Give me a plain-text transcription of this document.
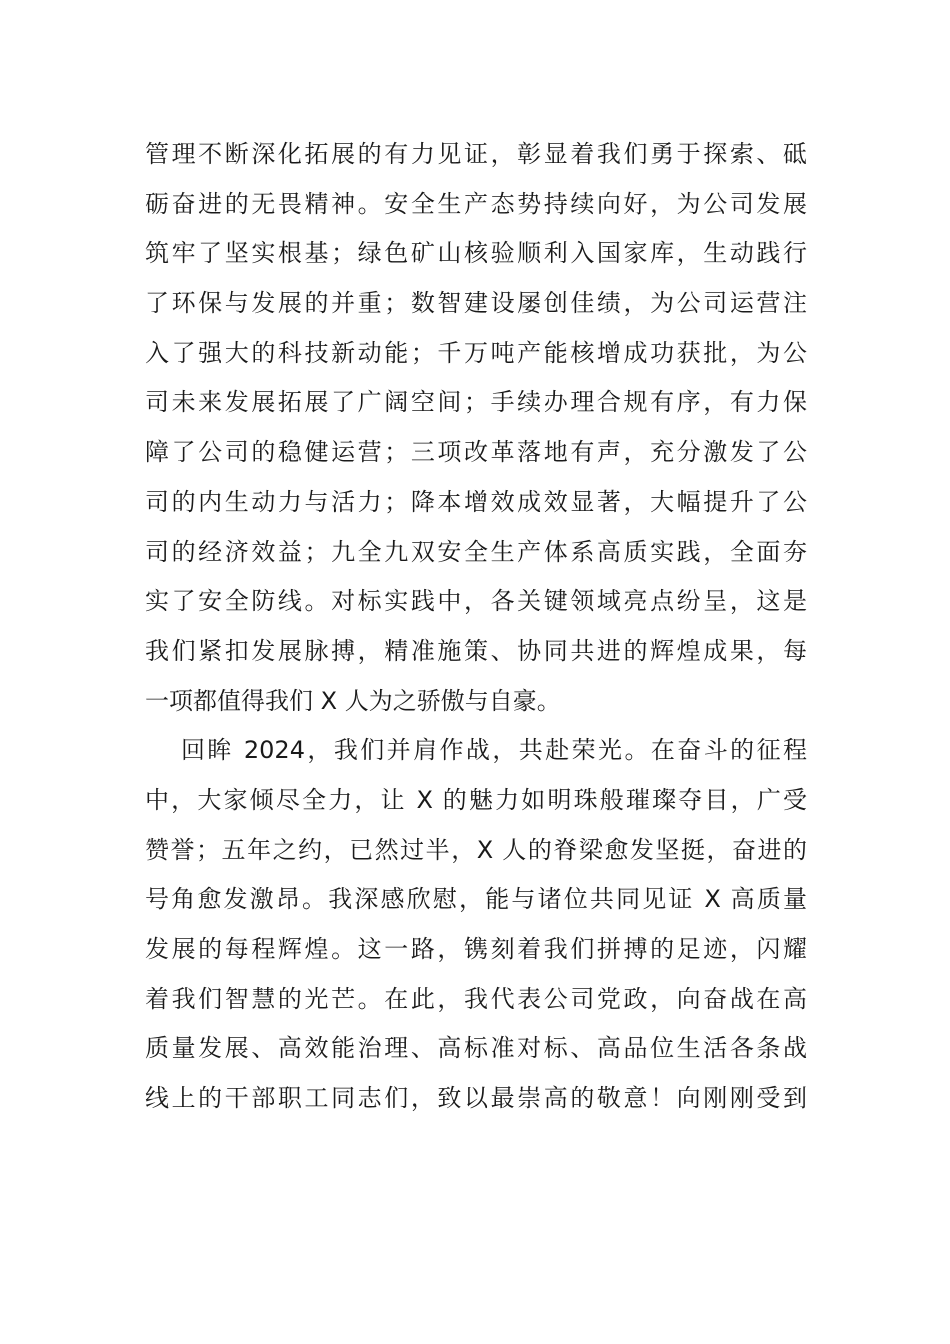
管理不断深化拓展的有力见证，彰显着我们勇于探索、砥
砺奋进的无畏精神。安全生产态势持续向好，为公司发展
筑牢了坚实根基；绿色矿山核验顺利入国家库，生动践行
了环保与发展的并重；数智建设屡创佳绩，为公司运营注
入了强大的科技新动能；千万吨产能核增成功获批，为公
司未来发展拓展了广阔空间；手续办理合规有序，有力保
障了公司的稳健运营；三项改革落地有声，充分激发了公
司的内生动力与活力；降本增效成效显著，大幅提升了公
司的经济效益；九全九双安全生产体系高质实践，全面夯
实了安全防线。对标实践中，各关键领域亮点纷呈，这是
我们紧扣发展脉搏，精准施策、协同共进的辉煌成果，每
一项都值得我们 X 人为之骄傲与自豪。
回眸 2024，我们并肩作战，共赴荣光。在奋斗的征程
中，大家倾尽全力，让 X 的魅力如明珠般璀璨夺目，广受
赞誉；五年之约，已然过半，X 人的脊梁愈发坚挺，奋进的
号角愈发激昂。我深感欣慰，能与诸位共同见证 X 高质量
发展的每程辉煌。这一路，镌刻着我们拼搏的足迹，闪耀
着我们智慧的光芒。在此，我代表公司党政，向奋战在高
质量发展、高效能治理、高标准对标、高品位生活各条战
线上的干部职工同志们，致以最崇高的敬意！向刚刚受到
